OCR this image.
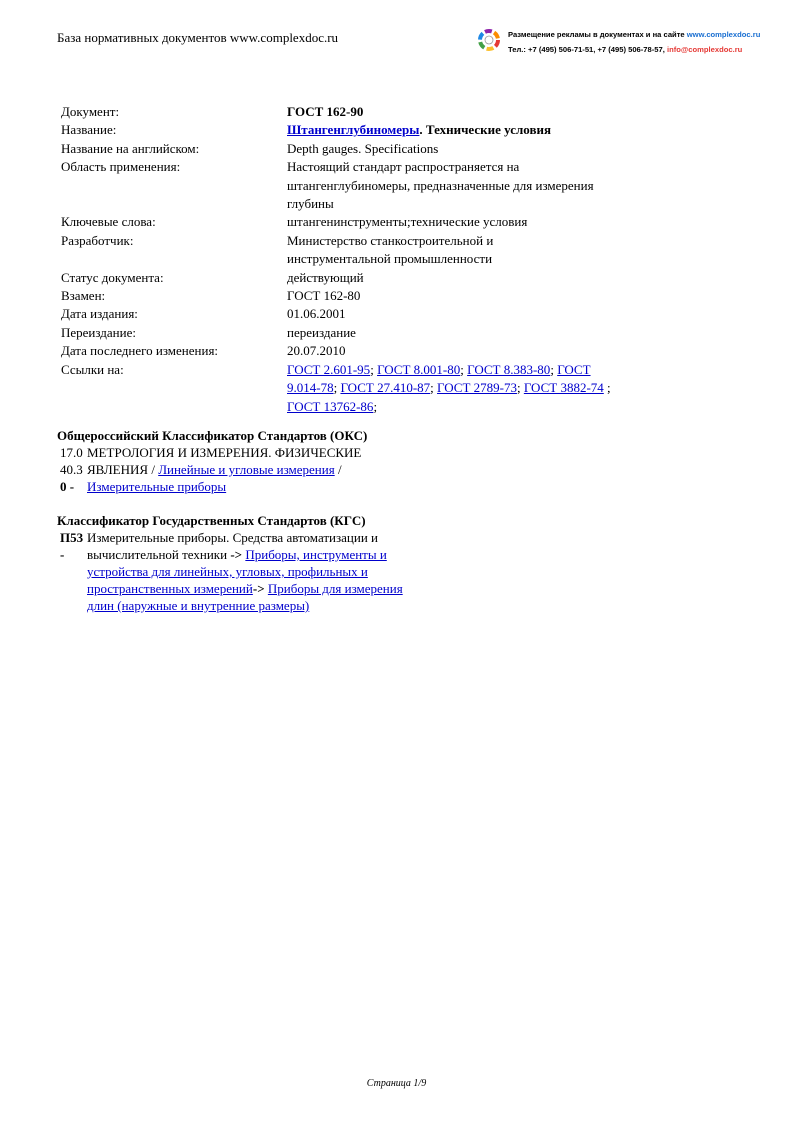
База нормативных документов www.complexdoc.ru	Размещение рекламы в документах и на сайте www.complexdoc.ru
Тел.: +7 (495) 506-71-51, +7 (495) 506-78-57, info@complexdoc.ru
Документ:	ГОСТ 162-90
Название:	Штангенглубиномеры. Технические условия
Название на английском:	Depth gauges. Specifications
Область применения:	Настоящий стандарт распространяется на штангенглубиномеры, предназначенные для измерения глубины
Ключевые слова:	штангенинструменты;технические условия
Разработчик:	Министерство станкостроительной и инструментальной промышленности
Статус документа:	действующий
Взамен:	ГОСТ 162-80
Дата издания:	01.06.2001
Переиздание:	переиздание
Дата последнего изменения:	20.07.2010
Ссылки на:	ГОСТ 2.601-95; ГОСТ 8.001-80; ГОСТ 8.383-80; ГОСТ 9.014-78; ГОСТ 27.410-87; ГОСТ 2789-73; ГОСТ 3882-74 ; ГОСТ 13762-86;
Общероссийский Классификатор Стандартов (ОКС)
17.0 МЕТРОЛОГИЯ И ИЗМЕРЕНИЯ. ФИЗИЧЕСКИЕ
40.3 ЯВЛЕНИЯ / Линейные и угловые измерения /
0 - Измерительные приборы
Классификатор Государственных Стандартов (КГС)
П53 -
Измерительные приборы. Средства автоматизации и вычислительной техники -> Приборы, инструменты и устройства для линейных, угловых, профильных и пространственных измерений-> Приборы для измерения длин (наружные и внутренние размеры)
Страница 1/9
